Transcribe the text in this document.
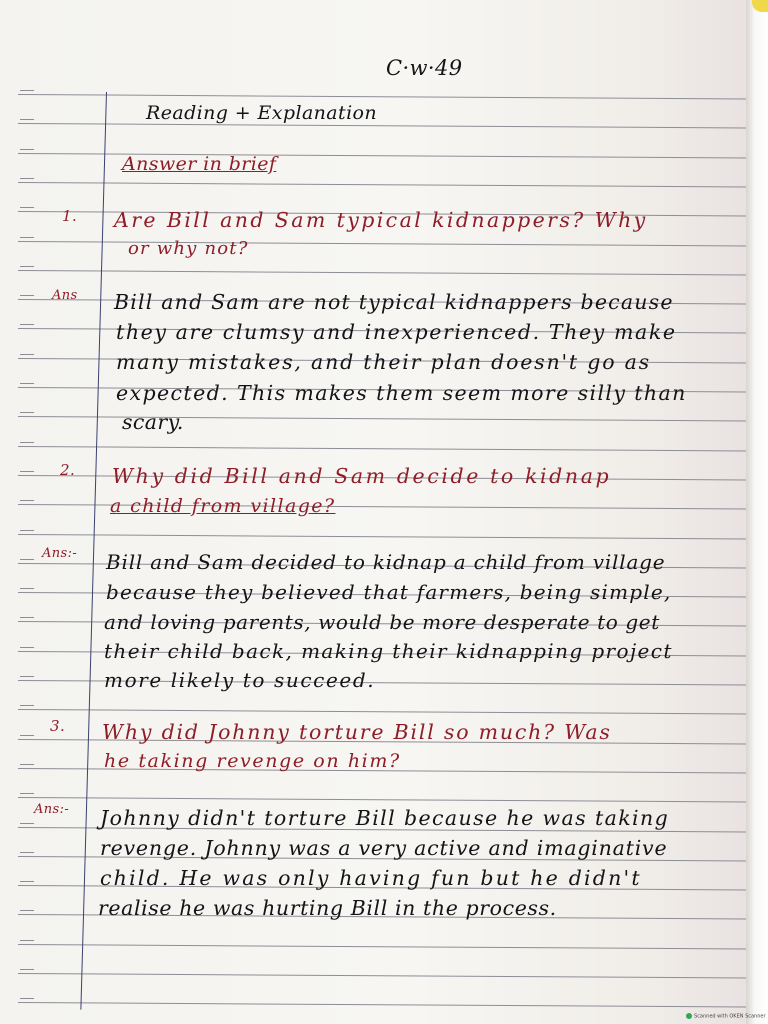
C·w·49
Reading + Explanation
Answer in brief
1. Are Bill and Sam typical kidnappers? Why
or why not?
Ans Bill and Sam are not typical kidnappers because
they are clumsy and inexperienced. They make
many mistakes, and their plan doesn't go as
expected. This makes them seem more silly than
scary.
2. Why did Bill and Sam decide to kidnap
a child from village?
Ans:- Bill and Sam decided to kidnap a child from village
because they believed that farmers, being simple,
and loving parents, would be more desperate to get
their child back, making their kidnapping project
more likely to succeed.
3. Why did Johnny torture Bill so much? Was
he taking revenge on him?
Ans:- Johnny didn't torture Bill because he was taking
revenge. Johnny was a very active and imaginative
child. He was only having fun but he didn't
realise he was hurting Bill in the process.
Scanned with OKEN Scanner
